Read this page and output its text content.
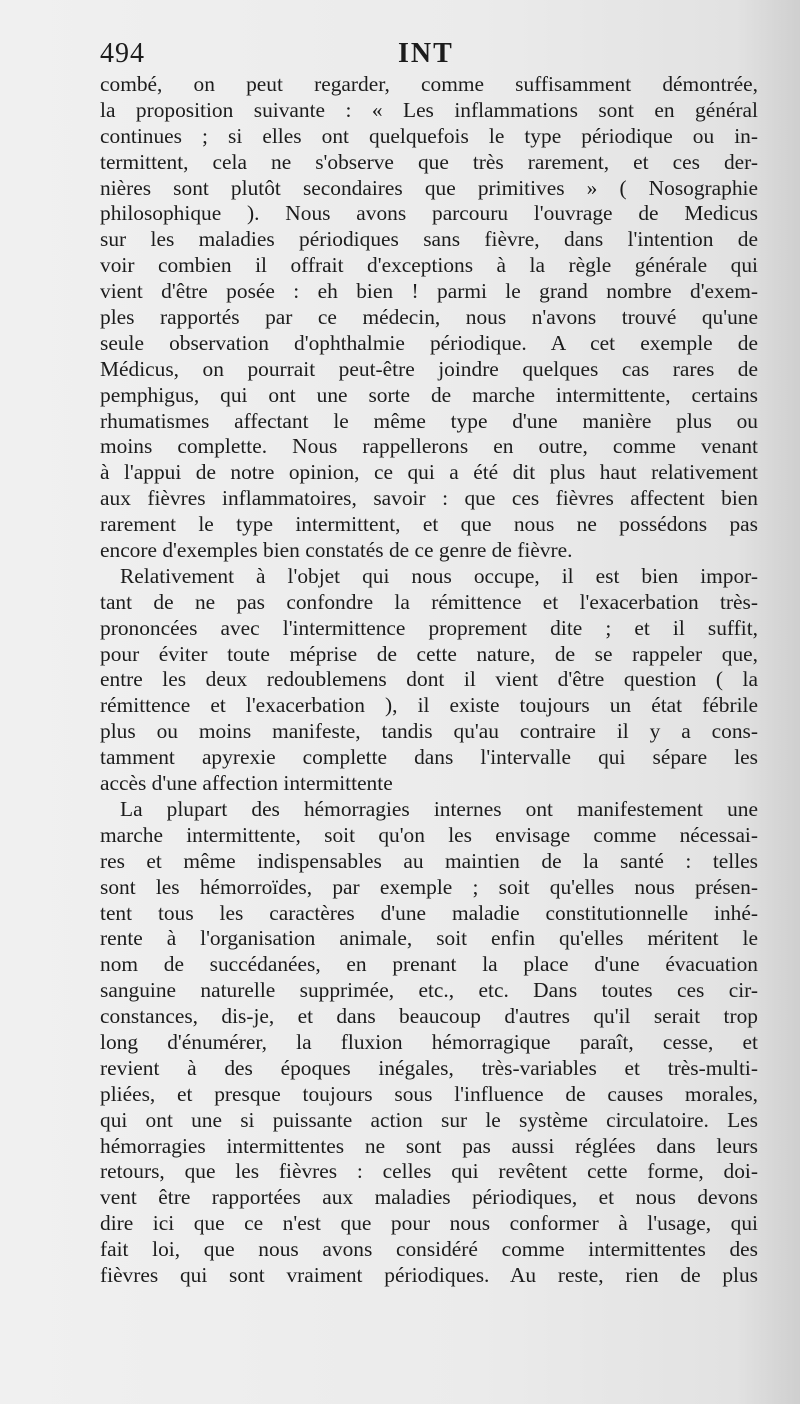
494	INT
combé, on peut regarder, comme suffisamment démontrée,
la proposition suivante : « Les inflammations sont en général
continues ; si elles ont quelquefois le type périodique ou in-
termittent, cela ne s'observe que très rarement, et ces der-
nières sont plutôt secondaires que primitives » ( Nosographie
philosophique ). Nous avons parcouru l'ouvrage de Medicus
sur les maladies périodiques sans fièvre, dans l'intention de
voir combien il offrait d'exceptions à la règle générale qui
vient d'être posée : eh bien ! parmi le grand nombre d'exem-
ples rapportés par ce médecin, nous n'avons trouvé qu'une
seule observation d'ophthalmie périodique. A cet exemple de
Médicus, on pourrait peut-être joindre quelques cas rares de
pemphigus, qui ont une sorte de marche intermittente, certains
rhumatismes affectant le même type d'une manière plus ou
moins complette. Nous rappellerons en outre, comme venant
à l'appui de notre opinion, ce qui a été dit plus haut relativement
aux fièvres inflammatoires, savoir : que ces fièvres affectent bien
rarement le type intermittent, et que nous ne possédons pas
encore d'exemples bien constatés de ce genre de fièvre.
Relativement à l'objet qui nous occupe, il est bien impor-
tant de ne pas confondre la rémittence et l'exacerbation très-
prononcées avec l'intermittence proprement dite ; et il suffit,
pour éviter toute méprise de cette nature, de se rappeler que,
entre les deux redoublemens dont il vient d'être question ( la
rémittence et l'exacerbation ), il existe toujours un état fébrile
plus ou moins manifeste, tandis qu'au contraire il y a cons-
tamment apyrexie complette dans l'intervalle qui sépare les
accès d'une affection intermittente
La plupart des hémorragies internes ont manifestement une
marche intermittente, soit qu'on les envisage comme nécessai-
res et même indispensables au maintien de la santé : telles
sont les hémorroïdes, par exemple ; soit qu'elles nous présen-
tent tous les caractères d'une maladie constitutionnelle inhé-
rente à l'organisation animale, soit enfin qu'elles méritent le
nom de succédanées, en prenant la place d'une évacuation
sanguine naturelle supprimée, etc., etc. Dans toutes ces cir-
constances, dis-je, et dans beaucoup d'autres qu'il serait trop
long d'énumérer, la fluxion hémorragique paraît, cesse, et
revient à des époques inégales, très-variables et très-multi-
pliées, et presque toujours sous l'influence de causes morales,
qui ont une si puissante action sur le système circulatoire. Les
hémorragies intermittentes ne sont pas aussi réglées dans leurs
retours, que les fièvres : celles qui revêtent cette forme, doi-
vent être rapportées aux maladies périodiques, et nous devons
dire ici que ce n'est que pour nous conformer à l'usage, qui
fait loi, que nous avons considéré comme intermittentes des
fièvres qui sont vraiment périodiques. Au reste, rien de plus
